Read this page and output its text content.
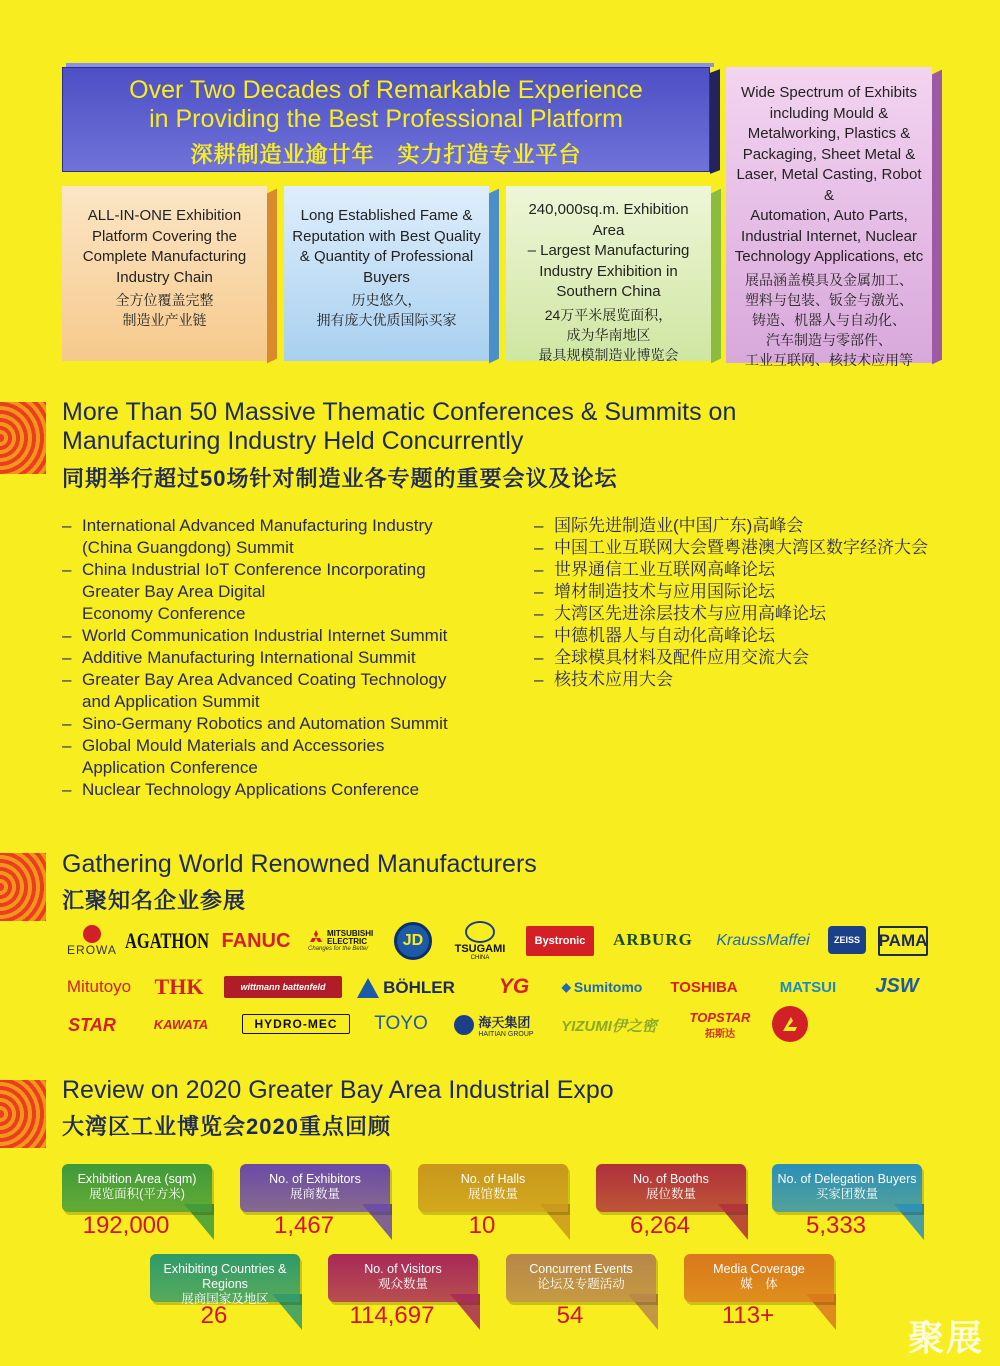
Over Two Decades of Remarkable Experience
in Providing the Best Professional Platform
深耕制造业逾廿年　实力打造专业平台
ALL-IN-ONE Exhibition
Platform Covering the
Complete Manufacturing
Industry Chain
全方位覆盖完整
制造业产业链
Long Established Fame &
Reputation with Best Quality
& Quantity of Professional
Buyers
历史悠久，
拥有庞大优质国际买家
240,000sq.m. Exhibition Area
– Largest Manufacturing
Industry Exhibition in
Southern China
24万平米展览面积，
成为华南地区
最具规模制造业博览会
Wide Spectrum of Exhibits
including Mould &
Metalworking, Plastics &
Packaging, Sheet Metal &
Laser, Metal Casting, Robot &
Automation, Auto Parts,
Industrial Internet, Nuclear
Technology Applications, etc
展品涵盖模具及金属加工、
塑料与包装、钣金与激光、
铸造、机器人与自动化、
汽车制造与零部件、
工业互联网、核技术应用等
More Than 50 Massive Thematic Conferences & Summits on
Manufacturing Industry Held Concurrently
同期举行超过50场针对制造业各专题的重要会议及论坛
– International Advanced Manufacturing Industry
(China Guangdong) Summit
– China Industrial IoT Conference Incorporating
Greater Bay Area Digital
Economy Conference
– World Communication Industrial Internet Summit
– Additive Manufacturing International Summit
– Greater Bay Area Advanced Coating Technology
and Application Summit
– Sino-Germany Robotics and Automation Summit
– Global Mould Materials and Accessories
Application Conference
– Nuclear Technology Applications Conference
– 国际先进制造业(中国广东)高峰会
– 中国工业互联网大会暨粤港澳大湾区数字经济大会
– 世界通信工业互联网高峰论坛
– 增材制造技术与应用国际论坛
– 大湾区先进涂层技术与应用高峰论坛
– 中德机器人与自动化高峰论坛
– 全球模具材料及配件应用交流大会
– 核技术应用大会
Gathering World Renowned Manufacturers
汇聚知名企业参展
EROWA AGATHON FANUC	MITSUBISHI ELECTRIC
Changes for the Better	JD	TSUGAMI
CHINA
Bystronic	ARBURG	KraussMaffei	ZEISS	PAMA
Mitutoyo	THK	wittmann battenfeld	BÖHLER	YG	◆ Sumitomo	TOSHIBA	MATSUI	JSW
STAR	KAWATA	HYDRO-MEC	TOYO	海天集团
HAITIAN GROUP	YIZUMI伊之密	TOPSTAR
拓斯达
Review on 2020 Greater Bay Area Industrial Expo
大湾区工业博览会2020重点回顾
Exhibition Area (sqm)
展览面积(平方米)
192,000
No. of Exhibitors
展商数量
1,467
No. of Halls
展馆数量
10
No. of Booths
展位数量
6,264
No. of Delegation Buyers
买家团数量
5,333
Exhibiting Countries & Regions
展商国家及地区
26
No. of Visitors
观众数量
114,697
Concurrent Events
论坛及专题活动
54
Media Coverage
媒　体
113+
聚展
